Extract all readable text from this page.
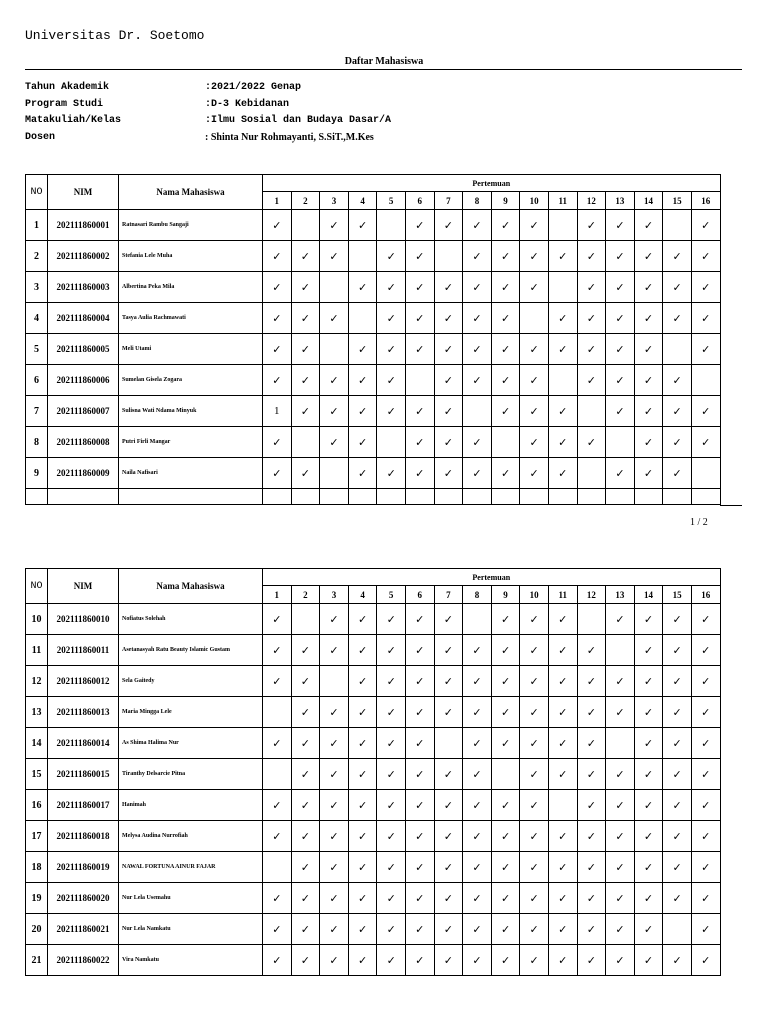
Universitas Dr. Soetomo
Daftar Mahasiswa
Tahun Akademik	:2021/2022 Genap
Program Studi	:D-3 Kebidanan
Matakuliah/Kelas	:Ilmu Sosial dan Budaya Dasar/A
Dosen	: Shinta Nur Rohmayanti, S.SiT.,M.Kes
NO	NIM	Nama Mahasiswa	Pertemuan															
			1	2	3	4	5	6	7	8	9	10	11	12	13	14	15	16
1	202111860001	Ratnasari Rambu Sangaji	✓		✓	✓		✓	✓	✓	✓	✓		✓	✓	✓		✓
2	202111860002	Stefania Lele Muha	✓	✓	✓		✓	✓		✓	✓	✓	✓	✓	✓	✓	✓	✓
3	202111860003	Albertina Peka Mila	✓	✓		✓	✓	✓	✓	✓	✓	✓		✓	✓	✓	✓	✓
4	202111860004	Tasya Aulia Rachmawati	✓	✓	✓		✓	✓	✓	✓	✓		✓	✓	✓	✓	✓	✓
5	202111860005	Meli Utami	✓	✓		✓	✓	✓	✓	✓	✓	✓	✓	✓	✓	✓		✓
6	202111860006	Sumelan Gisela Zogara	✓	✓	✓	✓	✓		✓	✓	✓	✓		✓	✓	✓	✓	
7	202111860007	Sulisna Wati Ndama Minyuk	1	✓	✓	✓	✓	✓	✓		✓	✓	✓		✓	✓	✓	✓
8	202111860008	Putri Firli Mangar	✓		✓	✓		✓	✓	✓		✓	✓	✓		✓	✓	✓
9	202111860009	Naila Nafisari	✓	✓		✓	✓	✓	✓	✓	✓	✓	✓		✓	✓	✓	

1 / 2
NO	NIM	Nama Mahasiswa	Pertemuan															
			1	2	3	4	5	6	7	8	9	10	11	12	13	14	15	16
10	202111860010	Nofiatus Solehah	✓		✓	✓	✓	✓	✓		✓	✓	✓		✓	✓	✓	✓
11	202111860011	Asetanasyah Ratu Beauty Islamic Gustam	✓	✓	✓	✓	✓	✓	✓	✓	✓	✓	✓	✓		✓	✓	✓
12	202111860012	Sela Gaitedy	✓	✓		✓	✓	✓	✓	✓	✓	✓	✓	✓	✓	✓	✓	✓
13	202111860013	Maria Mingga Lele		✓	✓	✓	✓	✓	✓	✓	✓	✓	✓	✓	✓	✓	✓	✓
14	202111860014	As Shima Halima Nur	✓	✓	✓	✓	✓	✓		✓	✓	✓	✓	✓		✓	✓	✓
15	202111860015	Tiranthy Delsarcie Pitna		✓	✓	✓	✓	✓	✓	✓		✓	✓	✓	✓	✓	✓	✓
16	202111860017	Hanimah	✓	✓	✓	✓	✓	✓	✓	✓	✓	✓		✓	✓	✓	✓	✓
17	202111860018	Melysa Audina Nurrofiah	✓	✓	✓	✓	✓	✓	✓	✓	✓	✓	✓	✓	✓	✓	✓	✓
18	202111860019	NAWAL FORTUNA AINUR FAJAR		✓	✓	✓	✓	✓	✓	✓	✓	✓	✓	✓	✓	✓	✓	✓
19	202111860020	Nur Lela Usemahu	✓	✓	✓	✓	✓	✓	✓	✓	✓	✓	✓	✓	✓	✓	✓	✓
20	202111860021	Nur Lela Namkatu	✓	✓	✓	✓	✓	✓	✓	✓	✓	✓	✓	✓	✓	✓		✓
21	202111860022	Vira Namkatu	✓	✓	✓	✓	✓	✓	✓	✓	✓	✓	✓	✓	✓	✓	✓	✓
